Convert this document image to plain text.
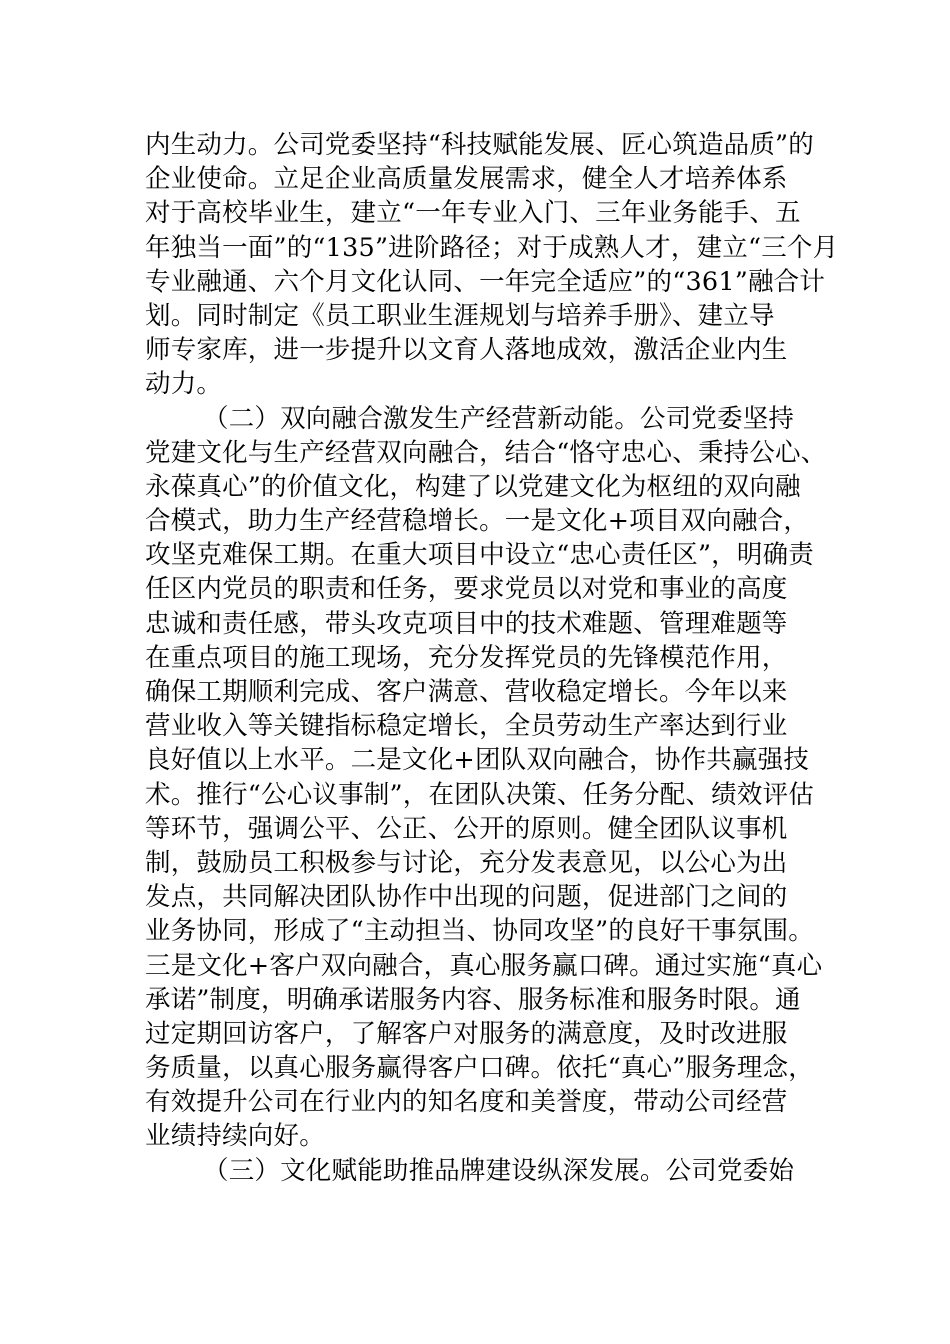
内生动力。公司党委坚持“科技赋能发展、匠心筑造品质”的
企业使命。立足企业高质量发展需求，健全人才培养体系
对于高校毕业生，建立“一年专业入门、三年业务能手、五
年独当一面”的“135”进阶路径；对于成熟人才，建立“三个月
专业融通、六个月文化认同、一年完全适应”的“361”融合计
划。同时制定《员工职业生涯规划与培养手册》、建立导
师专家库，进一步提升以文育人落地成效，激活企业内生
动力。
（二）双向融合激发生产经营新动能。公司党委坚持
党建文化与生产经营双向融合，结合“恪守忠心、秉持公心、
永葆真心”的价值文化，构建了以党建文化为枢纽的双向融
合模式，助力生产经营稳增长。一是文化+项目双向融合，
攻坚克难保工期。在重大项目中设立“忠心责任区”，明确责
任区内党员的职责和任务，要求党员以对党和事业的高度
忠诚和责任感，带头攻克项目中的技术难题、管理难题等
在重点项目的施工现场，充分发挥党员的先锋模范作用，
确保工期顺利完成、客户满意、营收稳定增长。今年以来
营业收入等关键指标稳定增长，全员劳动生产率达到行业
良好值以上水平。二是文化+团队双向融合，协作共赢强技
术。推行“公心议事制”，在团队决策、任务分配、绩效评估
等环节，强调公平、公正、公开的原则。健全团队议事机
制，鼓励员工积极参与讨论，充分发表意见，以公心为出
发点，共同解决团队协作中出现的问题，促进部门之间的
业务协同，形成了“主动担当、协同攻坚”的良好干事氛围。
三是文化+客户双向融合，真心服务赢口碑。通过实施“真心
承诺”制度，明确承诺服务内容、服务标准和服务时限。通
过定期回访客户，了解客户对服务的满意度，及时改进服
务质量，以真心服务赢得客户口碑。依托“真心”服务理念，
有效提升公司在行业内的知名度和美誉度，带动公司经营
业绩持续向好。
（三）文化赋能助推品牌建设纵深发展。公司党委始
